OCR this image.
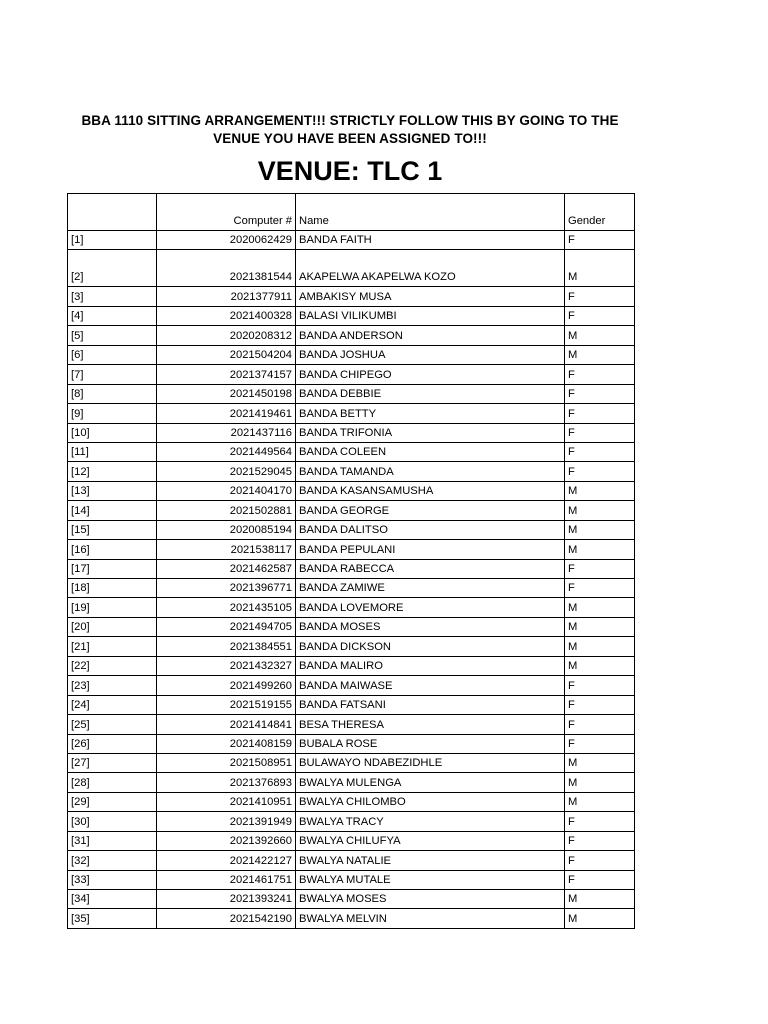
BBA 1110 SITTING ARRANGEMENT!!! STRICTLY FOLLOW THIS BY GOING TO THE
VENUE YOU HAVE BEEN ASSIGNED TO!!!
VENUE: TLC 1
	Computer #	Name	Gender
[1]	2020062429	BANDA FAITH	F
[2]	2021381544	AKAPELWA AKAPELWA KOZO	M
[3]	2021377911	AMBAKISY MUSA	F
[4]	2021400328	BALASI VILIKUMBI	F
[5]	2020208312	BANDA ANDERSON	M
[6]	2021504204	BANDA JOSHUA	M
[7]	2021374157	BANDA CHIPEGO	F
[8]	2021450198	BANDA DEBBIE	F
[9]	2021419461	BANDA BETTY	F
[10]	2021437116	BANDA TRIFONIA	F
[11]	2021449564	BANDA COLEEN	F
[12]	2021529045	BANDA TAMANDA	F
[13]	2021404170	BANDA KASANSAMUSHA	M
[14]	2021502881	BANDA GEORGE	M
[15]	2020085194	BANDA DALITSO	M
[16]	2021538117	BANDA PEPULANI	M
[17]	2021462587	BANDA RABECCA	F
[18]	2021396771	BANDA ZAMIWE	F
[19]	2021435105	BANDA LOVEMORE	M
[20]	2021494705	BANDA MOSES	M
[21]	2021384551	BANDA DICKSON	M
[22]	2021432327	BANDA MALIRO	M
[23]	2021499260	BANDA MAIWASE	F
[24]	2021519155	BANDA FATSANI	F
[25]	2021414841	BESA THERESA	F
[26]	2021408159	BUBALA ROSE	F
[27]	2021508951	BULAWAYO NDABEZIDHLE	M
[28]	2021376893	BWALYA MULENGA	M
[29]	2021410951	BWALYA CHILOMBO	M
[30]	2021391949	BWALYA TRACY	F
[31]	2021392660	BWALYA CHILUFYA	F
[32]	2021422127	BWALYA NATALIE	F
[33]	2021461751	BWALYA MUTALE	F
[34]	2021393241	BWALYA MOSES	M
[35]	2021542190	BWALYA MELVIN	M
